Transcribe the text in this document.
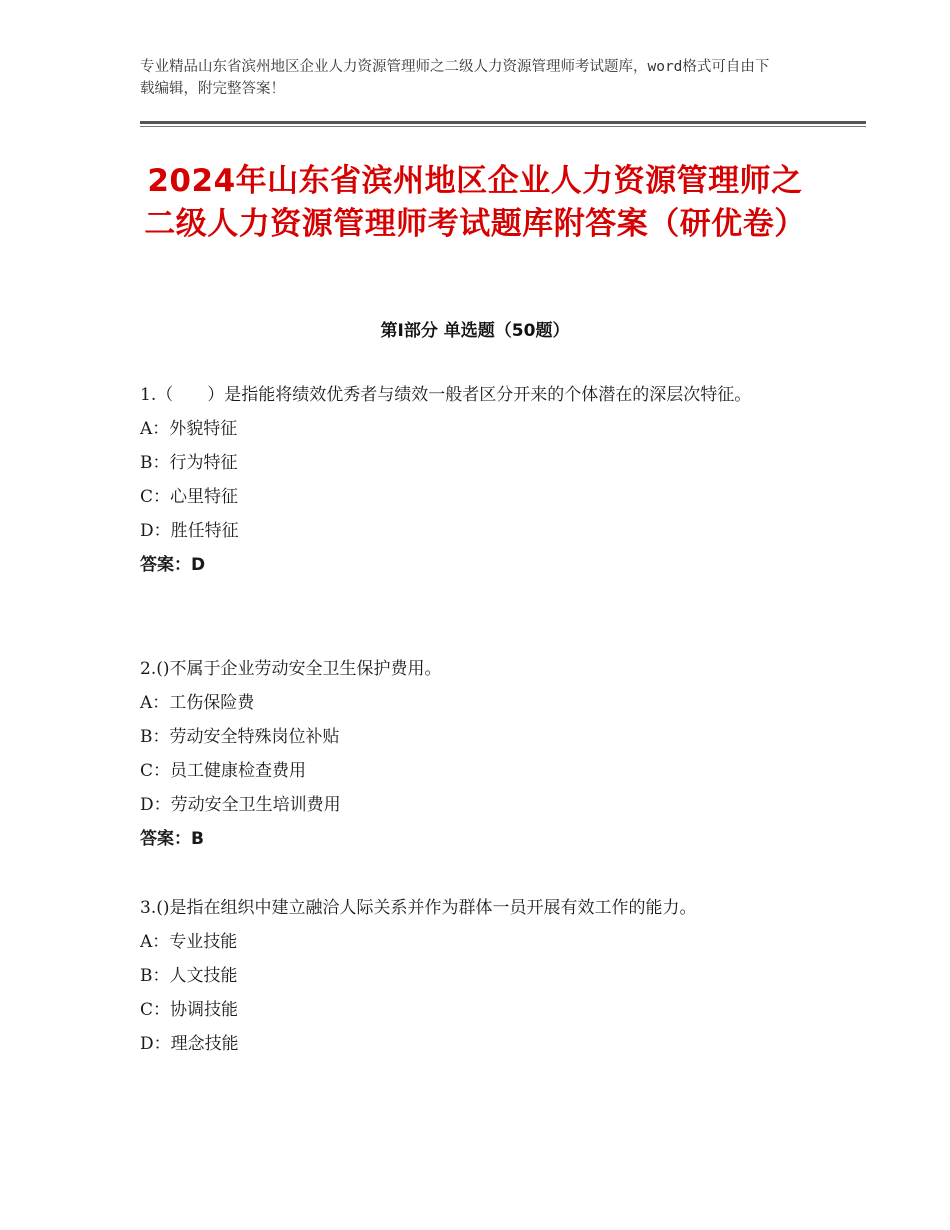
专业精品山东省滨州地区企业人力资源管理师之二级人力资源管理师考试题库，word格式可自由下载编辑，附完整答案！
2024年山东省滨州地区企业人力资源管理师之二级人力资源管理师考试题库附答案（研优卷）
第Ⅰ部分 单选题（50题）
1.（　　）是指能将绩效优秀者与绩效一般者区分开来的个体潜在的深层次特征。
A：外貌特征
B：行为特征
C：心里特征
D：胜任特征
答案：D
2.()不属于企业劳动安全卫生保护费用。
A：工伤保险费
B：劳动安全特殊岗位补贴
C：员工健康检查费用
D：劳动安全卫生培训费用
答案：B
3.()是指在组织中建立融洽人际关系并作为群体一员开展有效工作的能力。
A：专业技能
B：人文技能
C：协调技能
D：理念技能
